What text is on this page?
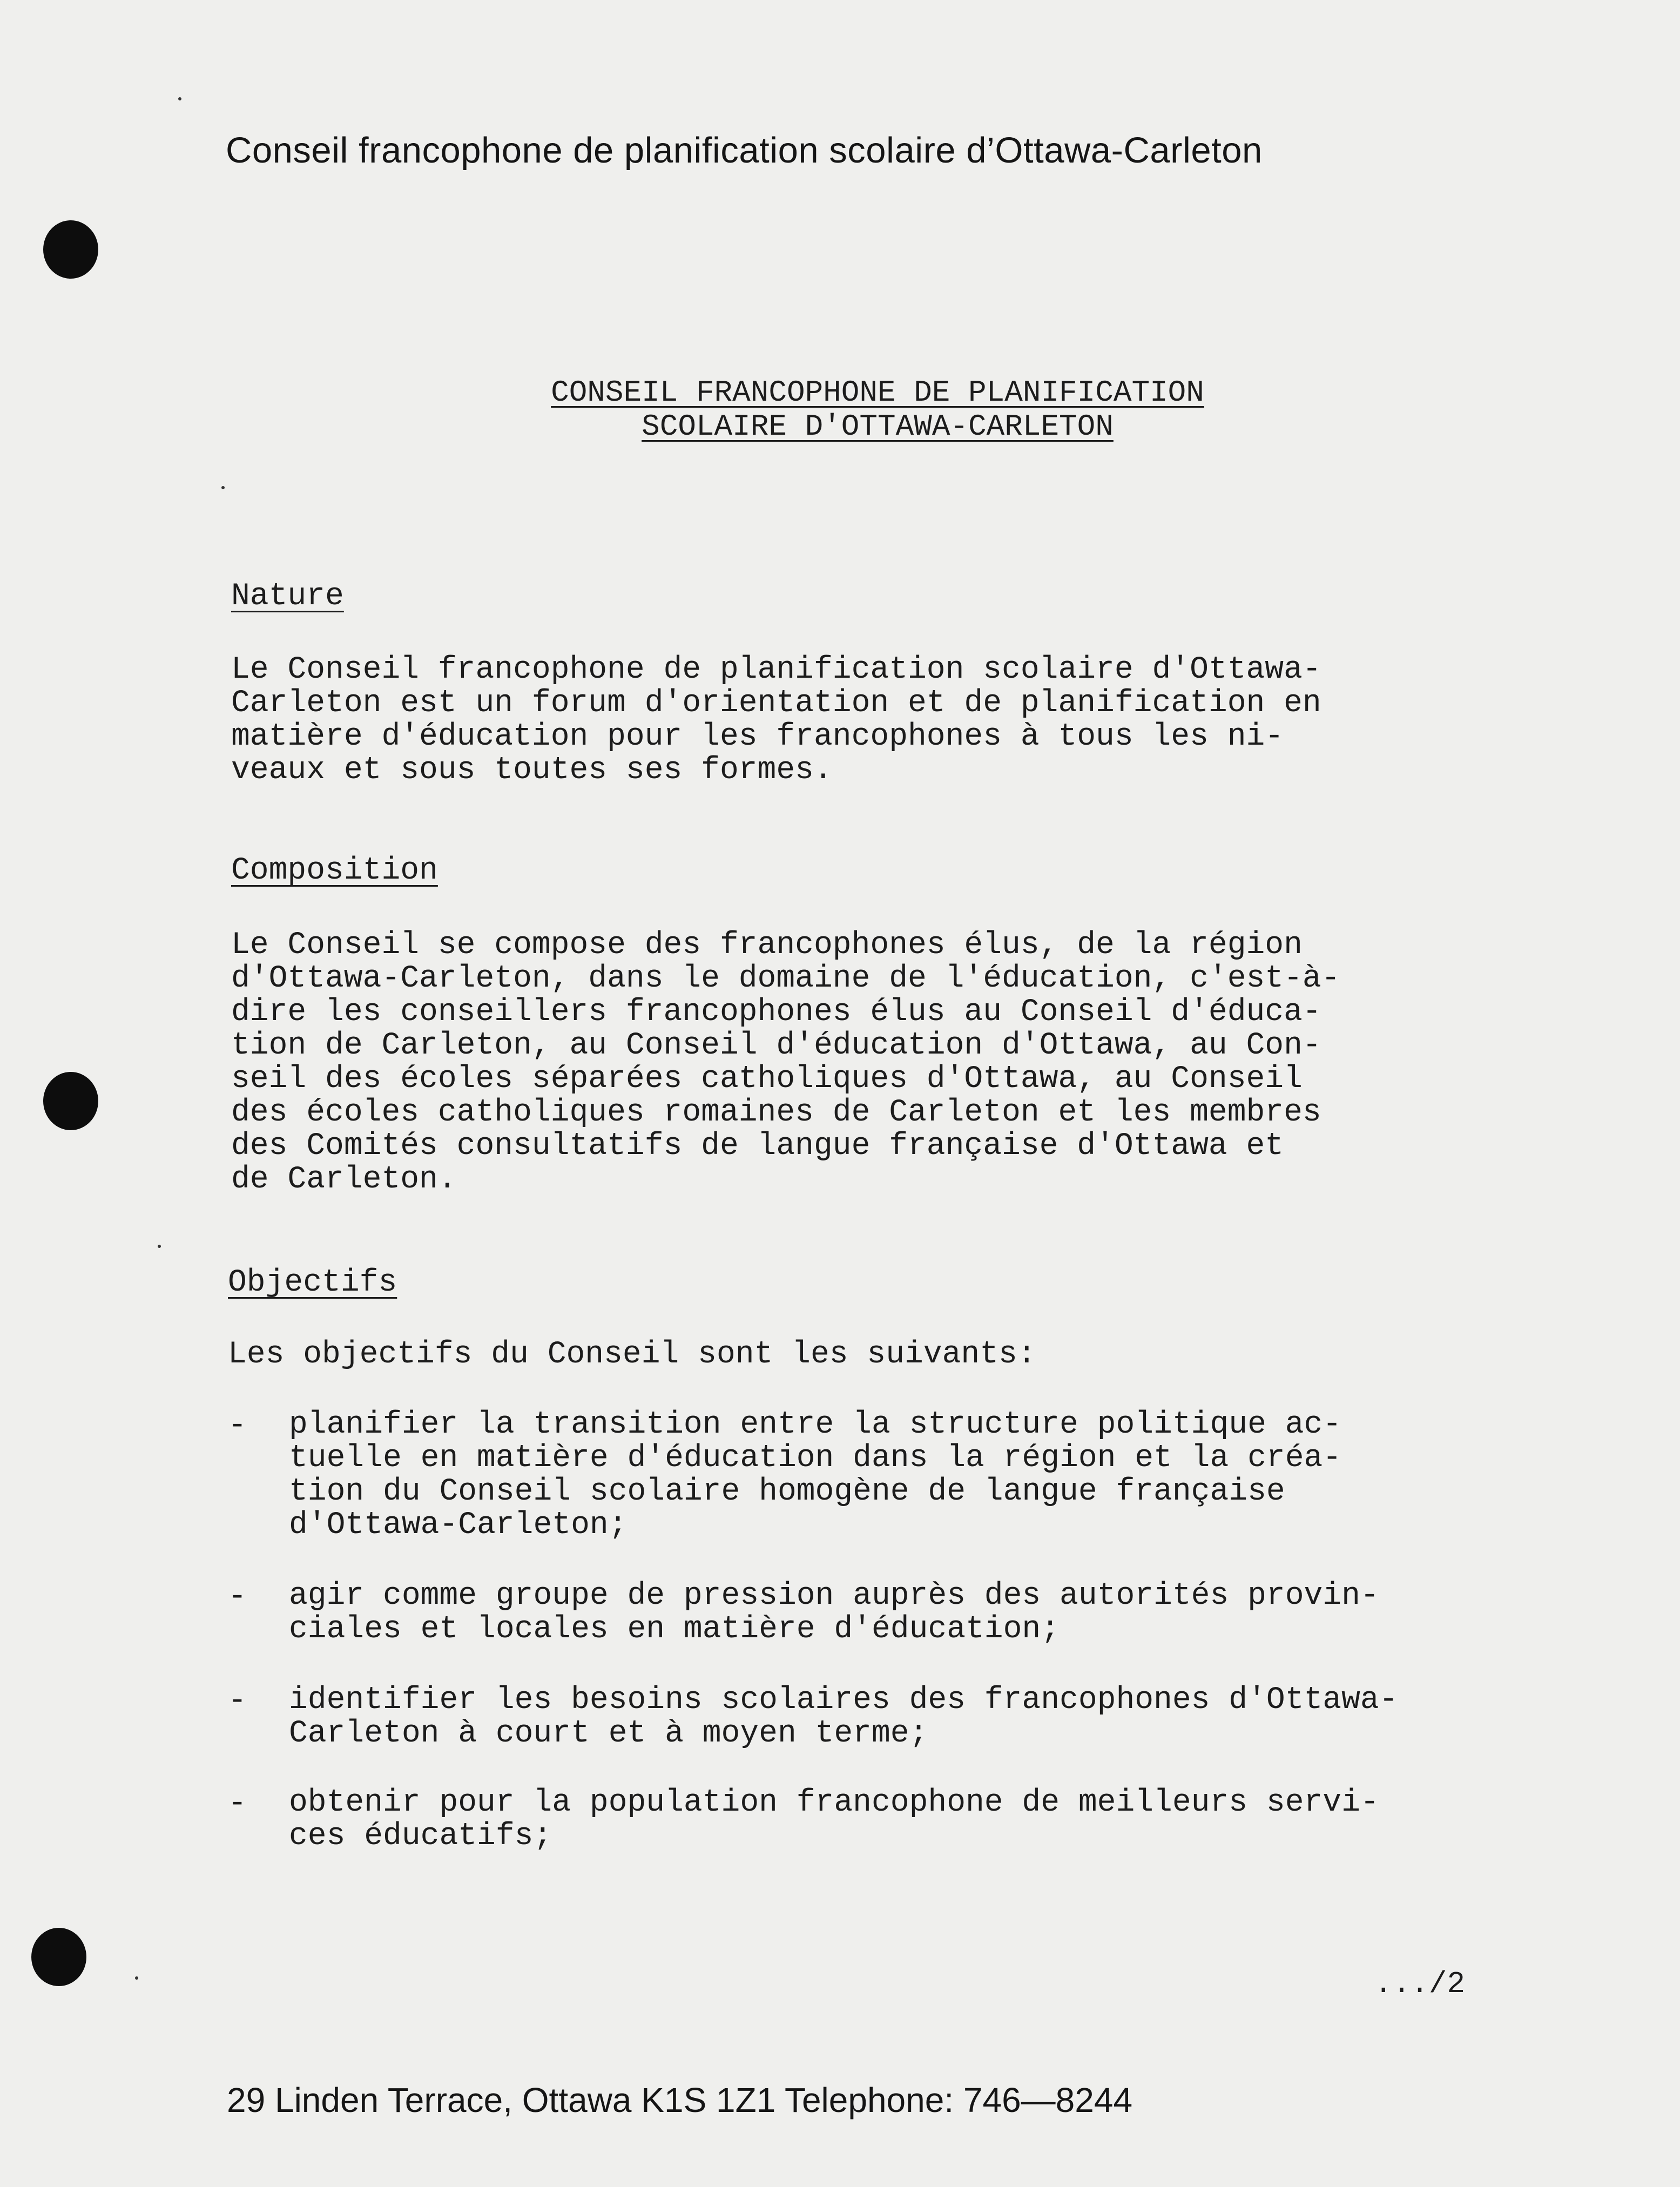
Conseil francophone de planification scolaire d’Ottawa-Carleton
CONSEIL FRANCOPHONE DE PLANIFICATION
SCOLAIRE D'OTTAWA-CARLETON
Nature
Le Conseil francophone de planification scolaire d'Ottawa-
Carleton est un forum d'orientation et de planification en
matière d'éducation pour les francophones à tous les ni-
veaux et sous toutes ses formes.
Composition
Le Conseil se compose des francophones élus, de la région
d'Ottawa-Carleton, dans le domaine de l'éducation, c'est-à-
dire les conseillers francophones élus au Conseil d'éduca-
tion de Carleton, au Conseil d'éducation d'Ottawa, au Con-
seil des écoles séparées catholiques d'Ottawa, au Conseil
des écoles catholiques romaines de Carleton et les membres
des Comités consultatifs de langue française d'Ottawa et
de Carleton.
Objectifs
Les objectifs du Conseil sont les suivants:
- planifier la transition entre la structure politique ac-
tuelle en matière d'éducation dans la région et la créa-
tion du Conseil scolaire homogène de langue française
d'Ottawa-Carleton;
- agir comme groupe de pression auprès des autorités provin-
ciales et locales en matière d'éducation;
- identifier les besoins scolaires des francophones d'Ottawa-
Carleton à court et à moyen terme;
- obtenir pour la population francophone de meilleurs servi-
ces éducatifs;
.../2
29 Linden Terrace, Ottawa K1S 1Z1 Telephone: 746—8244
